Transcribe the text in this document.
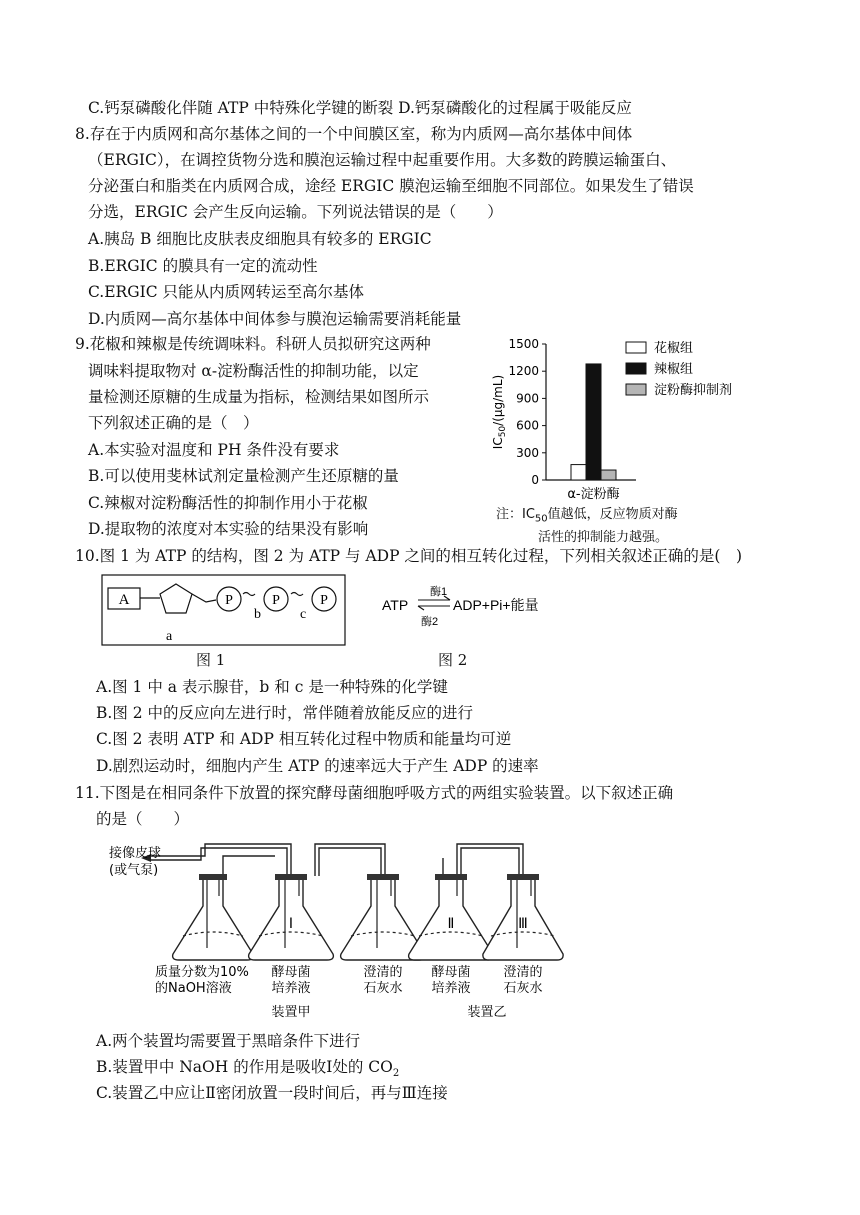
C.钙泵磷酸化伴随 ATP 中特殊化学键的断裂 D.钙泵磷酸化的过程属于吸能反应
8.存在于内质网和高尔基体之间的一个中间膜区室，称为内质网—高尔基体中间体
（ERGIC），在调控货物分选和膜泡运输过程中起重要作用。大多数的跨膜运输蛋白、
分泌蛋白和脂类在内质网合成，途经 ERGIC 膜泡运输至细胞不同部位。如果发生了错误
分选，ERGIC 会产生反向运输。下列说法错误的是（　　）
A.胰岛 B 细胞比皮肤表皮细胞具有较多的 ERGIC
B.ERGIC 的膜具有一定的流动性
C.ERGIC 只能从内质网转运至高尔基体
D.内质网—高尔基体中间体参与膜泡运输需要消耗能量
9.花椒和辣椒是传统调味料。科研人员拟研究这两种
调味料提取物对 α-淀粉酶活性的抑制功能，以定
量检测还原糖的生成量为指标，检测结果如图所示
下列叙述正确的是（　）
A.本实验对温度和 PH 条件没有要求
B.可以使用斐林试剂定量检测产生还原糖的量
C.辣椒对淀粉酶活性的抑制作用小于花椒
D.提取物的浓度对本实验的结果没有影响
0
300
600
900
1200
1500
$IC_{50}/(\mu g/mL)$
α-淀粉酶
花椒组
辣椒组
淀粉酶抑制剂
注：$IC_{50}$值越低，反应物质对酶
活性的抑制能力越强。
10.图 1 为 ATP 的结构，图 2 为 ATP 与 ADP 之间的相互转化过程，下列相关叙述正确的是(　)
A	P	P	P
b	c
a
图 1
ATP
酶1
酶2
ADP+Pi+能量
图 2
A.图 1 中 a 表示腺苷，b 和 c 是一种特殊的化学键
B.图 2 中的反应向左进行时，常伴随着放能反应的进行
C.图 2 表明 ATP 和 ADP 相互转化过程中物质和能量均可逆
D.剧烈运动时，细胞内产生 ATP 的速率远大于产生 ADP 的速率
11.下图是在相同条件下放置的探究酵母菌细胞呼吸方式的两组实验装置。以下叙述正确
的是（　　）
Ⅰ	Ⅱ	Ⅲ
接像皮球
(或气泵)
质量分数为10%
的NaOH溶液
酵母菌
培养液
澄清的
石灰水
酵母菌
培养液
澄清的
石灰水
装置甲	装置乙
A.两个装置均需要置于黑暗条件下进行
B.装置甲中 NaOH 的作用是吸收Ⅰ处的 $CO_2$
C.装置乙中应让Ⅱ密闭放置一段时间后，再与Ⅲ连接
